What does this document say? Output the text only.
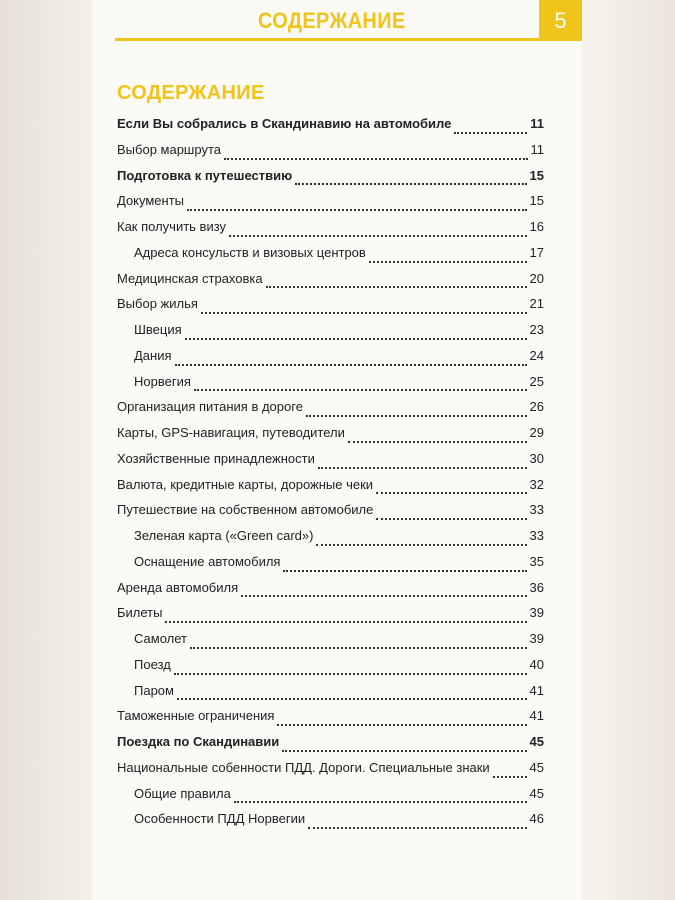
СОДЕРЖАНИЕ	5
СОДЕРЖАНИЕ
Если Вы собрались в Скандинавию на автомобиле	11
Выбор маршрута	11
Подготовка к путешествию	15
Документы	15
Как получить визу	16
Адреса консульств и визовых центров	17
Медицинская страховка	20
Выбор жилья	21
Швеция	23
Дания	24
Норвегия	25
Организация питания в дороге	26
Карты, GPS-навигация, путеводители	29
Хозяйственные принадлежности	30
Валюта, кредитные карты, дорожные чеки	32
Путешествие на собственном автомобиле	33
Зеленая карта («Green card»)	33
Оснащение автомобиля	35
Аренда автомобиля	36
Билеты	39
Самолет	39
Поезд	40
Паром	41
Таможенные ограничения	41
Поездка по Скандинавии	45
Национальные собенности ПДД. Дороги. Специальные знаки	45
Общие правила	45
Особенности ПДД Норвегии	46
